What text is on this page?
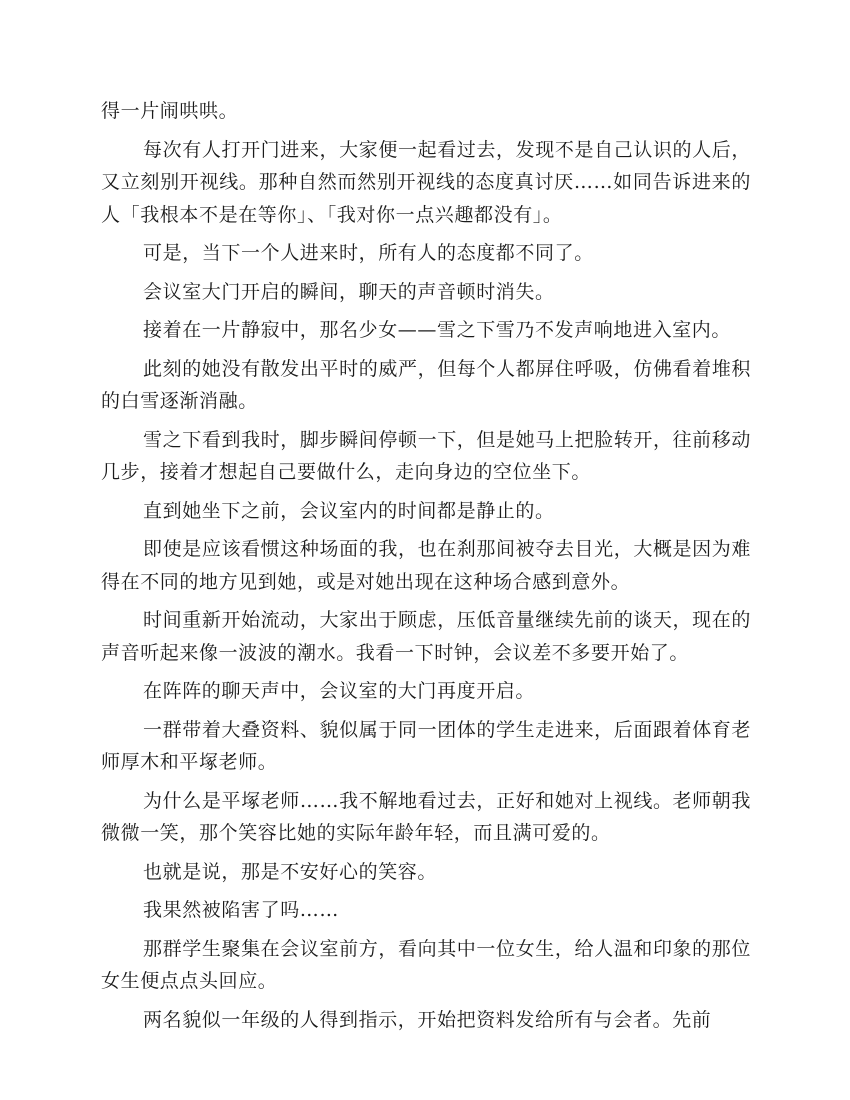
得一片闹哄哄。

每次有人打开门进来，大家便一起看过去，发现不是自己认识的人后，又立刻别开视线。那种自然而然别开视线的态度真讨厌……如同告诉进来的人「我根本不是在等你」、「我对你一点兴趣都没有」。

可是，当下一个人进来时，所有人的态度都不同了。

会议室大门开启的瞬间，聊天的声音顿时消失。

接着在一片静寂中，那名少女——雪之下雪乃不发声响地进入室内。

此刻的她没有散发出平时的威严，但每个人都屏住呼吸，仿佛看着堆积的白雪逐渐消融。

雪之下看到我时，脚步瞬间停顿一下，但是她马上把脸转开，往前移动几步，接着才想起自己要做什么，走向身边的空位坐下。

直到她坐下之前，会议室内的时间都是静止的。

即使是应该看惯这种场面的我，也在刹那间被夺去目光，大概是因为难得在不同的地方见到她，或是对她出现在这种场合感到意外。

时间重新开始流动，大家出于顾虑，压低音量继续先前的谈天，现在的声音听起来像一波波的潮水。我看一下时钟，会议差不多要开始了。

在阵阵的聊天声中，会议室的大门再度开启。

一群带着大叠资料、貌似属于同一团体的学生走进来，后面跟着体育老师厚木和平塚老师。

为什么是平塚老师……我不解地看过去，正好和她对上视线。老师朝我微微一笑，那个笑容比她的实际年龄年轻，而且满可爱的。

也就是说，那是不安好心的笑容。

我果然被陷害了吗……

那群学生聚集在会议室前方，看向其中一位女生，给人温和印象的那位女生便点点头回应。

两名貌似一年级的人得到指示，开始把资料发给所有与会者。先前
